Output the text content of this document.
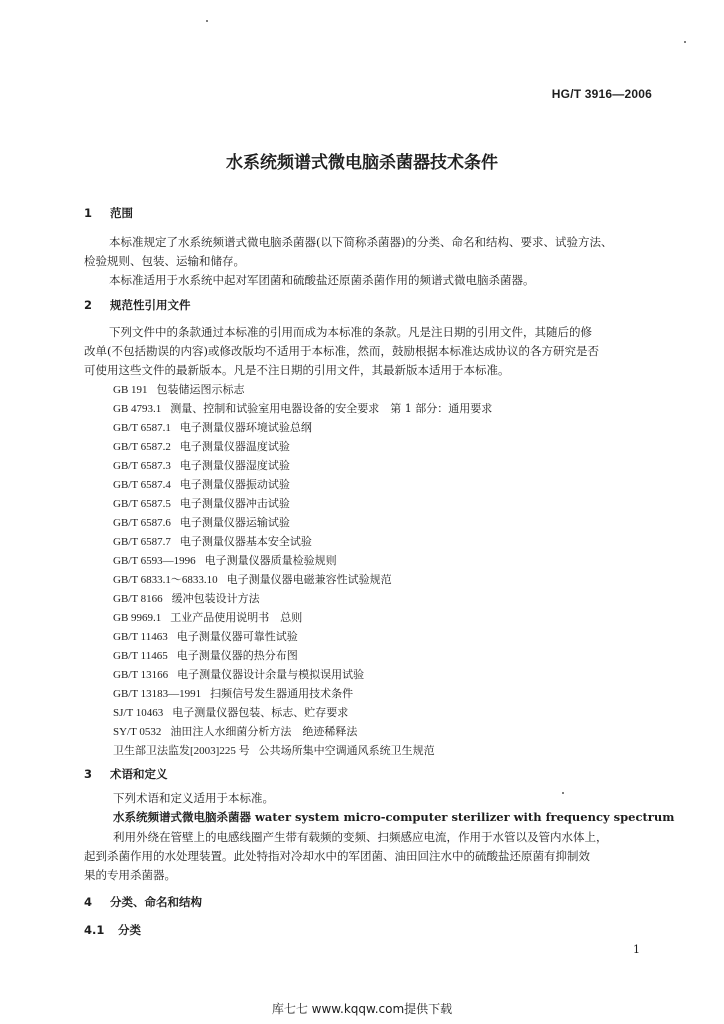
HG/T 3916—2006
水系统频谱式微电脑杀菌器技术条件
1 范围
本标准规定了水系统频谱式微电脑杀菌器(以下简称杀菌器)的分类、命名和结构、要求、试验方法、
检验规则、包装、运输和储存。
本标准适用于水系统中起对军团菌和硫酸盐还原菌杀菌作用的频谱式微电脑杀菌器。
2 规范性引用文件
下列文件中的条款通过本标准的引用而成为本标准的条款。凡是注日期的引用文件，其随后的修
改单(不包括勘误的内容)或修改版均不适用于本标准，然而，鼓励根据本标准达成协议的各方研究是否
可使用这些文件的最新版本。凡是不注日期的引用文件，其最新版本适用于本标准。
GB 191 包装储运图示标志
GB 4793.1 测量、控制和试验室用电器设备的安全要求　第 1 部分：通用要求
GB/T 6587.1 电子测量仪器环境试验总纲
GB/T 6587.2 电子测量仪器温度试验
GB/T 6587.3 电子测量仪器湿度试验
GB/T 6587.4 电子测量仪器振动试验
GB/T 6587.5 电子测量仪器冲击试验
GB/T 6587.6 电子测量仪器运输试验
GB/T 6587.7 电子测量仪器基本安全试验
GB/T 6593—1996 电子测量仪器质量检验规则
GB/T 6833.1～6833.10 电子测量仪器电磁兼容性试验规范
GB/T 8166 缓冲包装设计方法
GB 9969.1 工业产品使用说明书　总则
GB/T 11463 电子测量仪器可靠性试验
GB/T 11465 电子测量仪器的热分布图
GB/T 13166 电子测量仪器设计余量与模拟误用试验
GB/T 13183—1991 扫频信号发生器通用技术条件
SJ/T 10463 电子测量仪器包装、标志、贮存要求
SY/T 0532 油田注人水细菌分析方法　绝迹稀释法
卫生部卫法监发[2003]225 号 公共场所集中空调通风系统卫生规范
3 术语和定义
下列术语和定义适用于本标准。
水系统频谱式微电脑杀菌器 water system micro-computer sterilizer with frequency spectrum
利用外绕在管壁上的电感线圈产生带有载频的变频、扫频感应电流，作用于水管以及管内水体上，
起到杀菌作用的水处理装置。此处特指对冷却水中的军团菌、油田回注水中的硫酸盐还原菌有抑制效
果的专用杀菌器。
4 分类、命名和结构
4.1 分类
1
库七七 www.kqqw.com提供下载
